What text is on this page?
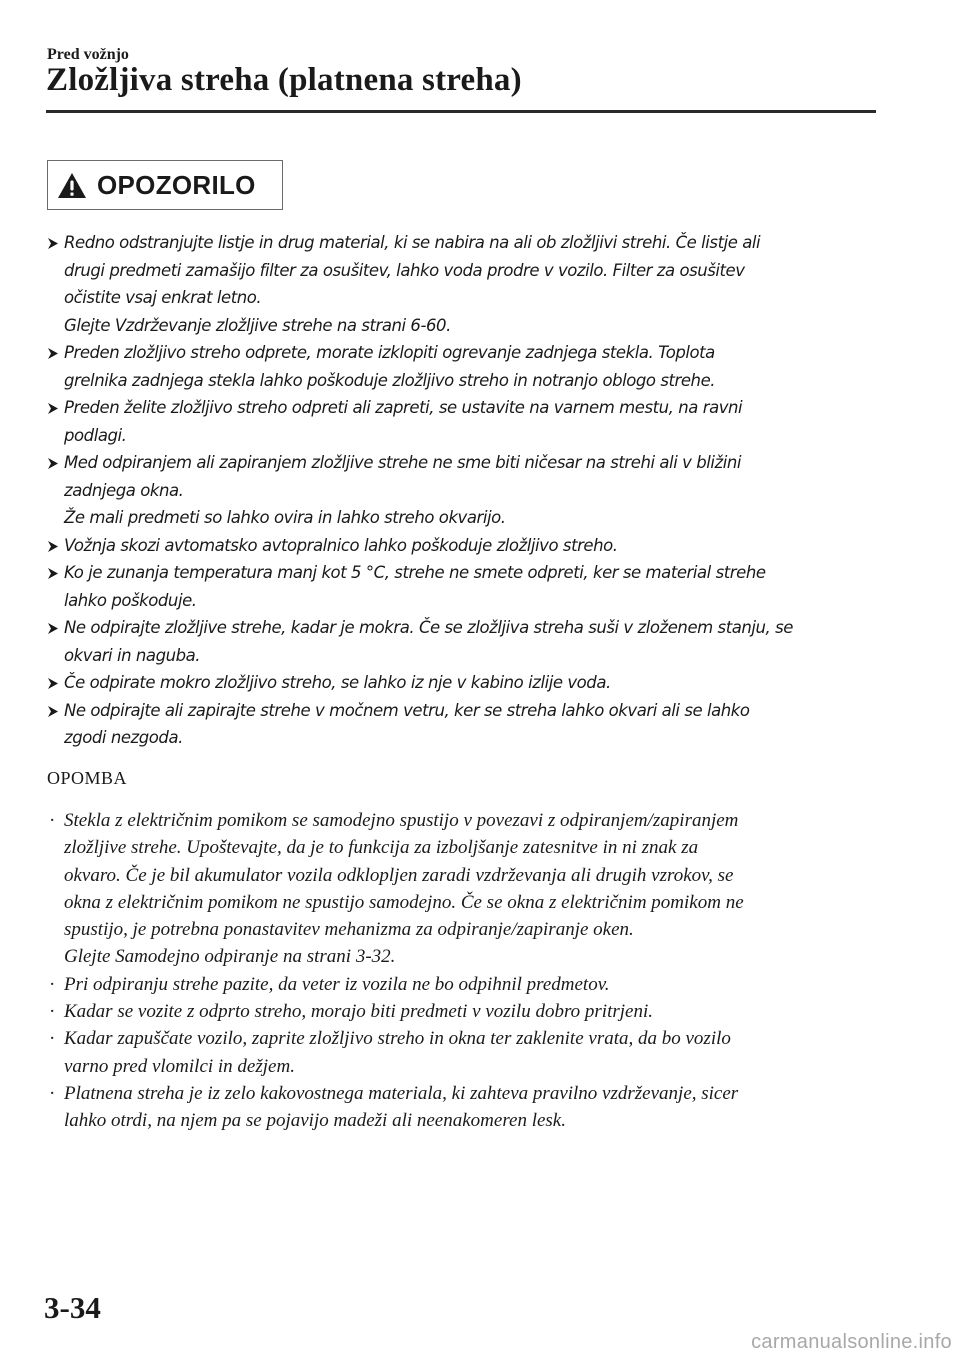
Pred vožnjo
Zložljiva streha (platnena streha)
OPOZORILO
Redno odstranjujte listje in drug material, ki se nabira na ali ob zložljivi strehi. Če listje ali
drugi predmeti zamašijo filter za osušitev, lahko voda prodre v vozilo. Filter za osušitev
očistite vsaj enkrat letno.
Glejte Vzdrževanje zložljive strehe na strani 6-60.
Preden zložljivo streho odprete, morate izklopiti ogrevanje zadnjega stekla. Toplota
grelnika zadnjega stekla lahko poškoduje zložljivo streho in notranjo oblogo strehe.
Preden želite zložljivo streho odpreti ali zapreti, se ustavite na varnem mestu, na ravni
podlagi.
Med odpiranjem ali zapiranjem zložljive strehe ne sme biti ničesar na strehi ali v bližini
zadnjega okna.
Že mali predmeti so lahko ovira in lahko streho okvarijo.
Vožnja skozi avtomatsko avtopralnico lahko poškoduje zložljivo streho.
Ko je zunanja temperatura manj kot 5 °C, strehe ne smete odpreti, ker se material strehe
lahko poškoduje.
Ne odpirajte zložljive strehe, kadar je mokra. Če se zložljiva streha suši v zloženem stanju, se
okvari in naguba.
Če odpirate mokro zložljivo streho, se lahko iz nje v kabino izlije voda.
Ne odpirajte ali zapirajte strehe v močnem vetru, ker se streha lahko okvari ali se lahko
zgodi nezgoda.
OPOMBA
· Stekla z električnim pomikom se samodejno spustijo v povezavi z odpiranjem/zapiranjem
zložljive strehe. Upoštevajte, da je to funkcija za izboljšanje zatesnitve in ni znak za
okvaro. Če je bil akumulator vozila odklopljen zaradi vzdrževanja ali drugih vzrokov, se
okna z električnim pomikom ne spustijo samodejno. Če se okna z električnim pomikom ne
spustijo, je potrebna ponastavitev mehanizma za odpiranje/zapiranje oken.
Glejte Samodejno odpiranje na strani 3-32.
· Pri odpiranju strehe pazite, da veter iz vozila ne bo odpihnil predmetov.
· Kadar se vozite z odprto streho, morajo biti predmeti v vozilu dobro pritrjeni.
· Kadar zapuščate vozilo, zaprite zložljivo streho in okna ter zaklenite vrata, da bo vozilo
varno pred vlomilci in dežjem.
· Platnena streha je iz zelo kakovostnega materiala, ki zahteva pravilno vzdrževanje, sicer
lahko otrdi, na njem pa se pojavijo madeži ali neenakomeren lesk.
3-34
carmanualsonline.info
